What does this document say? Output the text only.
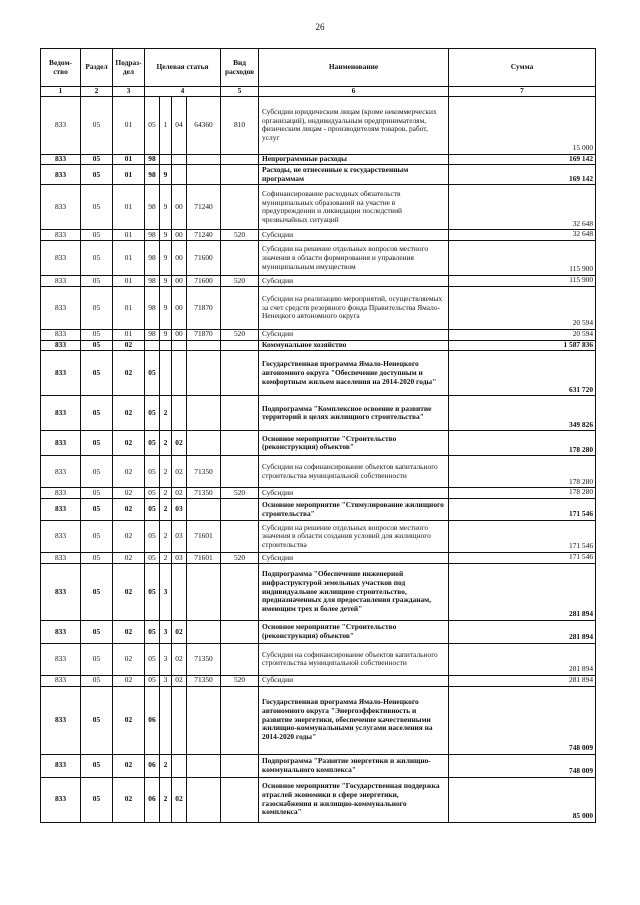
26
Ведом-ство	Раздел	Подраз-дел	Целевая статья				Вид расходов	Наименование	Сумма
1	2	3	4				5	6	7
833	05	01	05	1	04	64360	810	Субсидии юридическим лицам (кроме некоммерческих организаций), индивидуальным предпринимателям, физическим лицам - производителям товаров, работ, услуг	15 000
833	05	01	98					Непрограммные расходы	169 142
833	05	01	98	9				Расходы, не отнесенные к государственным программам	169 142
833	05	01	98	9	00	71240		Софинансирование расходных обязательств муниципальных образований на участие в предупреждении и ликвидации последствий чрезвычайных ситуаций	32 648
833	05	01	98	9	00	71240	520	Субсидии	32 648
833	05	01	98	9	00	71600		Субсидии на решение отдельных вопросов местного значения в области формирования и управления муниципальным имуществом	115 900
833	05	01	98	9	00	71600	520	Субсидии	115 900
833	05	01	98	9	00	71870		Субсидии на реализацию мероприятий, осуществляемых за счет средств резервного фонда Правительства Ямало-Ненецкого автономного округа	20 594
833	05	01	98	9	00	71870	520	Субсидии	20 594
833	05	02						Коммунальное хозяйство	1 587 836
833	05	02	05					Государственная программа Ямало-Ненецкого автономного округа "Обеспечение доступным и комфортным жильем населения на 2014-2020 годы"	631 720
833	05	02	05	2				Подпрограмма "Комплексное освоение и развитие территорий в целях жилищного строительства"	349 826
833	05	02	05	2	02			Основное мероприятие "Строительство (реконструкция) объектов"	178 280
833	05	02	05	2	02	71350		Субсидии на софинансирование объектов капитального строительства муниципальной собственности	178 280
833	05	02	05	2	02	71350	520	Субсидии	178 280
833	05	02	05	2	03			Основное мероприятие "Стимулирование жилищного строительства"	171 546
833	05	02	05	2	03	71601		Субсидии на решение отдельных вопросов местного значения в области создания условий для жилищного строительства	171 546
833	05	02	05	2	03	71601	520	Субсидии	171 546
833	05	02	05	3				Подпрограмма "Обеспечение инженерной инфраструктурой земельных участков под индивидуальное жилищное строительство, предназначенных для предоставления гражданам, имеющим трех и более детей"	281 894
833	05	02	05	3	02			Основное мероприятие "Строительство (реконструкция) объектов"	281 894
833	05	02	05	3	02	71350		Субсидии на софинансирование объектов капитального строительства муниципальной собственности	281 894
833	05	02	05	3	02	71350	520	Субсидии	281 894
833	05	02	06					Государственная программа Ямало-Ненецкого автономного округа "Энергоэффективность и развитие энергетики, обеспечение качественными жилищно-коммунальными услугами населения на 2014-2020 годы"	748 009
833	05	02	06	2				Подпрограмма "Развитие энергетики и жилищно-коммунального комплекса"	748 009
833	05	02	06	2	02			Основное мероприятие "Государственная поддержка отраслей экономики в сфере энергетики, газоснабжения и жилищно-коммунального комплекса"	85 000
